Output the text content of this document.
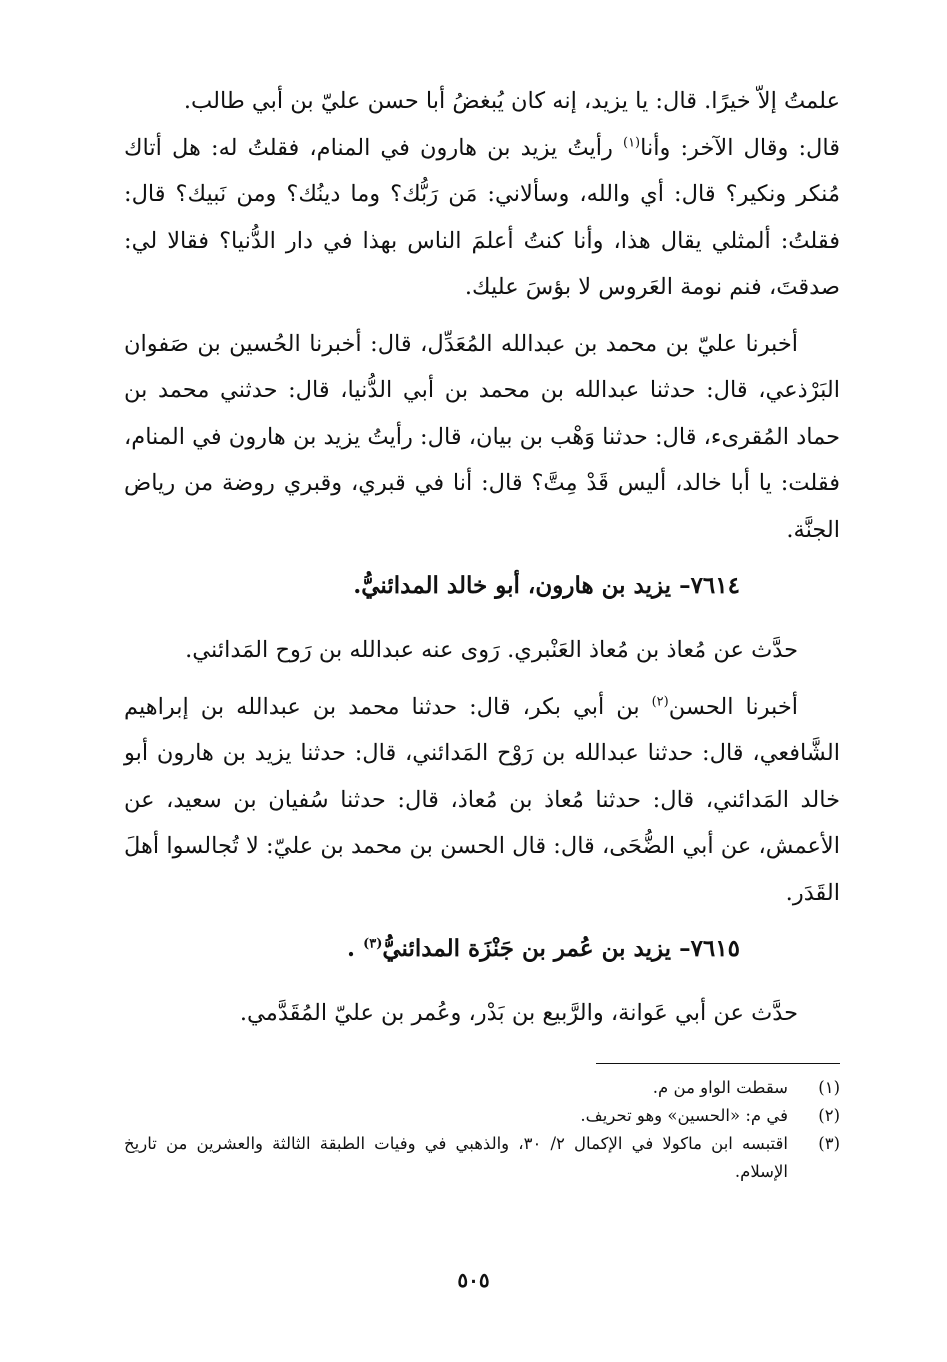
علمتُ إلاّ خيرًا. قال: يا يزيد، إنه كان يُبغضُ أبا حسن عليّ بن أبي طالب.

قال: وقال الآخر: وأنا$^{(١)}$ رأيتُ يزيد بن هارون في المنام، فقلتُ له: هل أتاك مُنكر ونكير؟ قال: أي والله، وسألاني: مَن رَبُّك؟ وما دينُك؟ ومن نَبيك؟ قال: فقلتُ: ألمثلي يقال هذا، وأنا كنتُ أعلمَ الناس بهذا في دار الدُّنيا؟ فقالا لي: صدقتَ، فنم نومة العَروس لا بؤسَ عليك.

أخبرنا عليّ بن محمد بن عبدالله المُعَدِّل، قال: أخبرنا الحُسين بن صَفوان البَرْذعي، قال: حدثنا عبدالله بن محمد بن أبي الدُّنيا، قال: حدثني محمد بن حماد المُقرىء، قال: حدثنا وَهْب بن بيان، قال: رأيتُ يزيد بن هارون في المنام، فقلت: يا أبا خالد، أليس قَدْ مِتَّ؟ قال: أنا في قبري، وقبري روضة من رياض الجنَّة.

٧٦١٤– يزيد بن هارون، أبو خالد المدائنيُّ.

حدَّث عن مُعاذ بن مُعاذ العَنْبري. رَوى عنه عبدالله بن رَوح المَدائني.

أخبرنا الحسن$^{(٢)}$ بن أبي بكر، قال: حدثنا محمد بن عبدالله بن إبراهيم الشَّافعي، قال: حدثنا عبدالله بن رَوْح المَدائني، قال: حدثنا يزيد بن هارون أبو خالد المَدائني، قال: حدثنا مُعاذ بن مُعاذ، قال: حدثنا سُفيان بن سعيد، عن الأعمش، عن أبي الضُّحَى، قال: قال الحسن بن محمد بن عليّ: لا تُجالسوا أهلَ القَدَر.

٧٦١٥– يزيد بن عُمر بن جَنْزَة المدائنيُّ$^{(٣)}$ .

حدَّث عن أبي عَوانة، والرَّبيع بن بَدْر، وعُمر بن عليّ المُقَدَّمي.

(١)
سقطت الواو من م.
(٢)
في م: «الحسين» وهو تحريف.
(٣)
اقتبسه ابن ماكولا في الإكمال ٢/ ٣٠، والذهبي في وفيات الطبقة الثالثة والعشرين من تاريخ الإسلام.
٥٠٥
